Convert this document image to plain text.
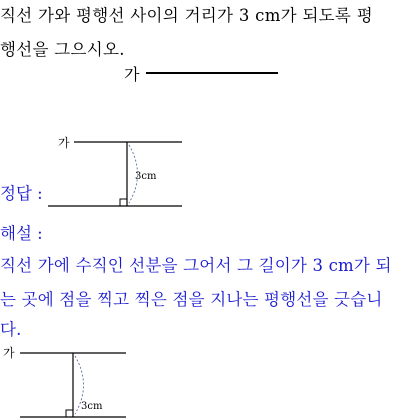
직선 가와 평행선 사이의 거리가 3 cm가 되도록 평
행선을 그으시오.
가
가
3cm
정답 :
해설 :
직선 가에 수직인 선분을 그어서 그 길이가 3 cm가 되
는 곳에 점을 찍고 찍은 점을 지나는 평행선을 긋습니
다.
가
3cm
